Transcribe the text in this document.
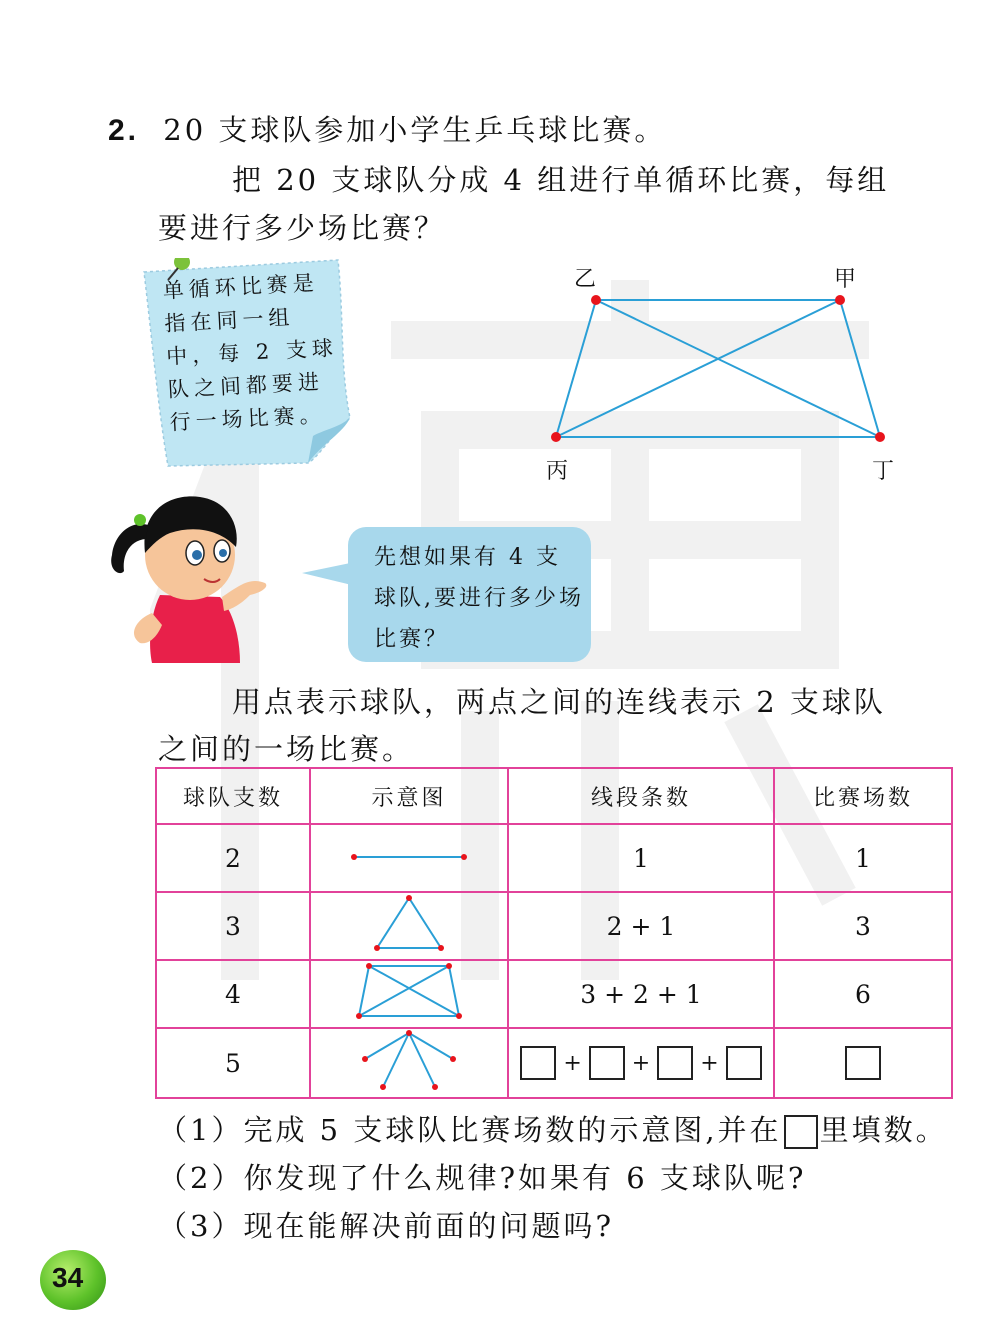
2. 20 支球队参加小学生乒乓球比赛。
把 20 支球队分成 4 组进行单循环比赛，每组
要进行多少场比赛？
单循环比赛是指在同一组中，每 2 支球队之间都要进行一场比赛。
乙	甲
丙	丁
先想如果有 4 支球队,要进行多少场比赛？
用点表示球队，两点之间的连线表示 2 支球队
之间的一场比赛。
球队支数	示意图	线段条数	比赛场数
2		1	1
3		2 + 1	3
4		3 + 2 + 1	6
5		+ + +	
（1）完成 5 支球队比赛场数的示意图,并在 里填数。
（2）你发现了什么规律?如果有 6 支球队呢?
（3）现在能解决前面的问题吗?
34
